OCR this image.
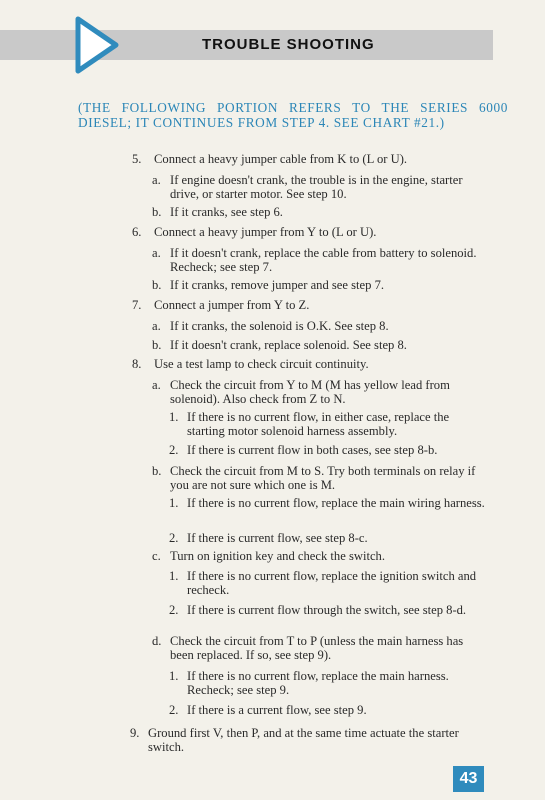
TROUBLE SHOOTING
(THE FOLLOWING PORTION REFERS TO THE SERIES 6000 DIESEL; IT CONTINUES FROM STEP 4. SEE CHART #21.)
5. Connect a heavy jumper cable from K to (L or U).
a. If engine doesn't crank, the trouble is in the engine, starter drive, or starter motor. See step 10.
b. If it cranks, see step 6.
6. Connect a heavy jumper from Y to (L or U).
a. If it doesn't crank, replace the cable from battery to solenoid. Recheck; see step 7.
b. If it cranks, remove jumper and see step 7.
7. Connect a jumper from Y to Z.
a. If it cranks, the solenoid is O.K. See step 8.
b. If it doesn't crank, replace solenoid. See step 8.
8. Use a test lamp to check circuit continuity.
a. Check the circuit from Y to M (M has yellow lead from solenoid). Also check from Z to N.
1. If there is no current flow, in either case, replace the starting motor solenoid harness assembly.
2. If there is current flow in both cases, see step 8-b.
b. Check the circuit from M to S. Try both terminals on relay if you are not sure which one is M.
1. If there is no current flow, replace the main wiring harness.
2. If there is current flow, see step 8-c.
c. Turn on ignition key and check the switch.
1. If there is no current flow, replace the ignition switch and recheck.
2. If there is current flow through the switch, see step 8-d.
d. Check the circuit from T to P (unless the main harness has been replaced. If so, see step 9).
1. If there is no current flow, replace the main harness. Recheck; see step 9.
2. If there is a current flow, see step 9.
9. Ground first V, then P, and at the same time actuate the starter switch.
43
